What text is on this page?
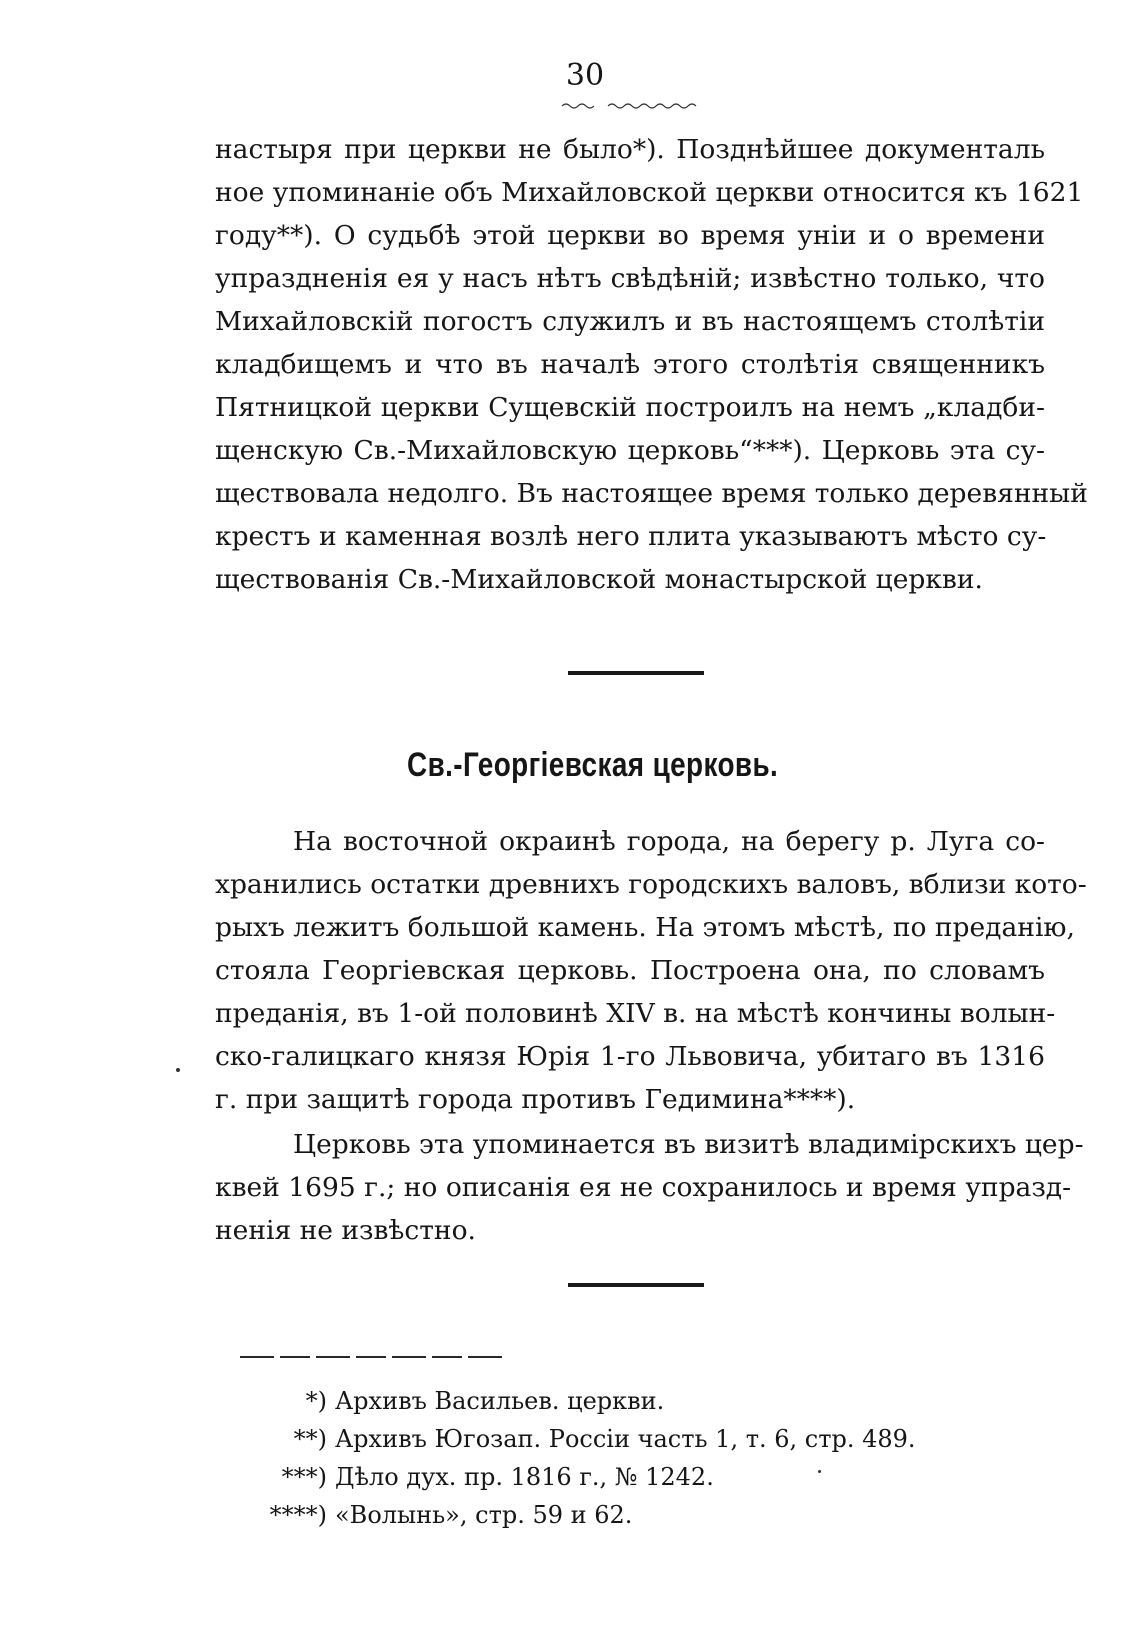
30

настыря при церкви не было*). Позднѣйшее документаль
ное упоминаніе объ Михайловской церкви относится къ 1621
году**). О судьбѣ этой церкви во время уніи и о времени
упраздненія ея у насъ нѣтъ свѣдѣній; извѣстно только, что
Михайловскій погостъ служилъ и въ настоящемъ столѣтіи
кладбищемъ и что въ началѣ этого столѣтія священникъ
Пятницкой церкви Сущевскій построилъ на немъ „кладби-
щенскую Св.-Михайловскую церковь“***). Церковь эта су-
ществовала недолго. Въ настоящее время только деревянный
крестъ и каменная возлѣ него плита указываютъ мѣсто су-
ществованія Св.-Михайловской монастырской церкви.

Св.-Георгіевская церковь.

На восточной окраинѣ города, на берегу р. Луга со-
хранились остатки древнихъ городскихъ валовъ, вблизи кото-
рыхъ лежитъ большой камень. На этомъ мѣстѣ, по преданію,
стояла Георгіевская церковь. Построена она, по словамъ
преданія, въ 1-ой половинѣ XIV в. на мѣстѣ кончины волын-
ско-галицкаго князя Юрія 1-го Львовича, убитаго въ 1316
г. при защитѣ города противъ Гедимина****).

Церковь эта упоминается въ визитѣ владимірскихъ цер-
квей 1695 г.; но описанія ея не сохранилось и время упразд-
ненія не извѣстно.

*) Архивъ Васильев. церкви.
**) Архивъ Югозап. Россіи часть 1, т. 6, стр. 489.
***) Дѣло дух. пр. 1816 г., № 1242.
****) «Волынь», стр. 59 и 62.
